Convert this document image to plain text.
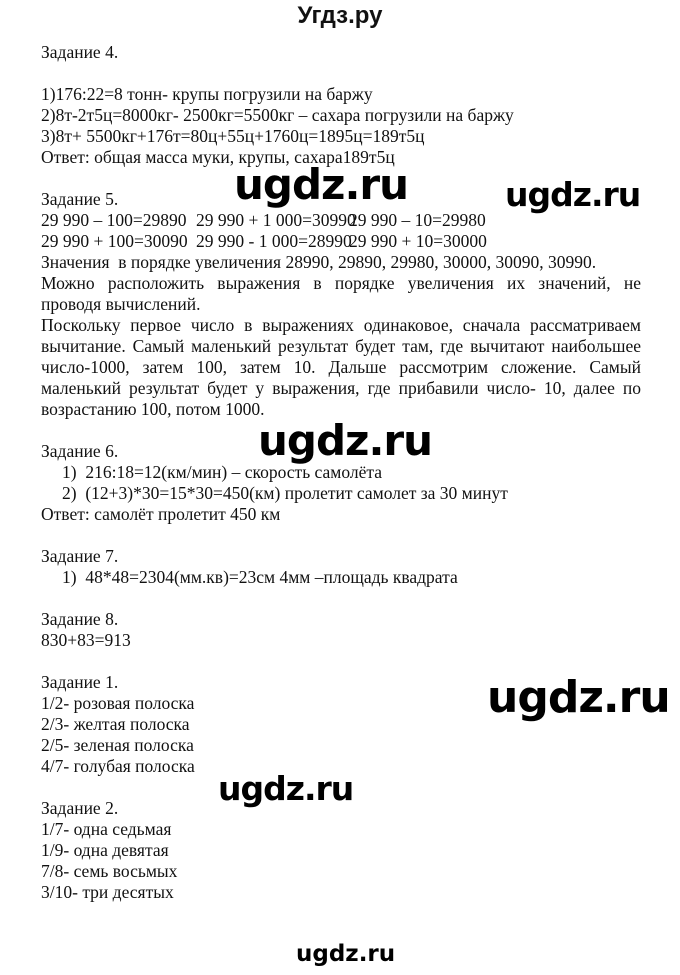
Угдз.ру
Задание 4.
1)176:22=8 тонн- крупы погрузили на баржу
2)8т-2т5ц=8000кг- 2500кг=5500кг – сахара погрузили на баржу
3)8т+ 5500кг+176т=80ц+55ц+1760ц=1895ц=189т5ц
Ответ: общая масса муки, крупы, сахара189т5ц
Задание 5.
29 990 – 100=29890 29 990 + 1 000=30990
29 990 – 10=29980
29 990 + 100=30090 29 990 - 1 000=28990
29 990 + 10=30000
Значения  в порядке увеличения 28990, 29890, 29980, 30000, 30090, 30990.
Можно расположить выражения в порядке увеличения их значений, не
проводя вычислений.
Поскольку первое число в выражениях одинаковое, сначала рассматриваем
вычитание. Самый маленький результат будет там, где вычитают наибольшее
число-1000, затем 100, затем 10. Дальше рассмотрим сложение. Самый
маленький результат будет у выражения, где прибавили число- 10, далее по
возрастанию 100, потом 1000.
Задание 6.
1)  216:18=12(км/мин) – скорость самолёта
2)  (12+3)*30=15*30=450(км) пролетит самолет за 30 минут
Ответ: самолёт пролетит 450 км
Задание 7.
1)  48*48=2304(мм.кв)=23см 4мм –площадь квадрата
Задание 8.
830+83=913
Задание 1.
1/2- розовая полоска
2/3- желтая полоска
2/5- зеленая полоска
4/7- голубая полоска
Задание 2.
1/7- одна седьмая
1/9- одна девятая
7/8- семь восьмых
3/10- три десятых
ugdz.ru	ugdz.ru
ugdz.ru
ugdz.ru
ugdz.ru
ugdz.ru
